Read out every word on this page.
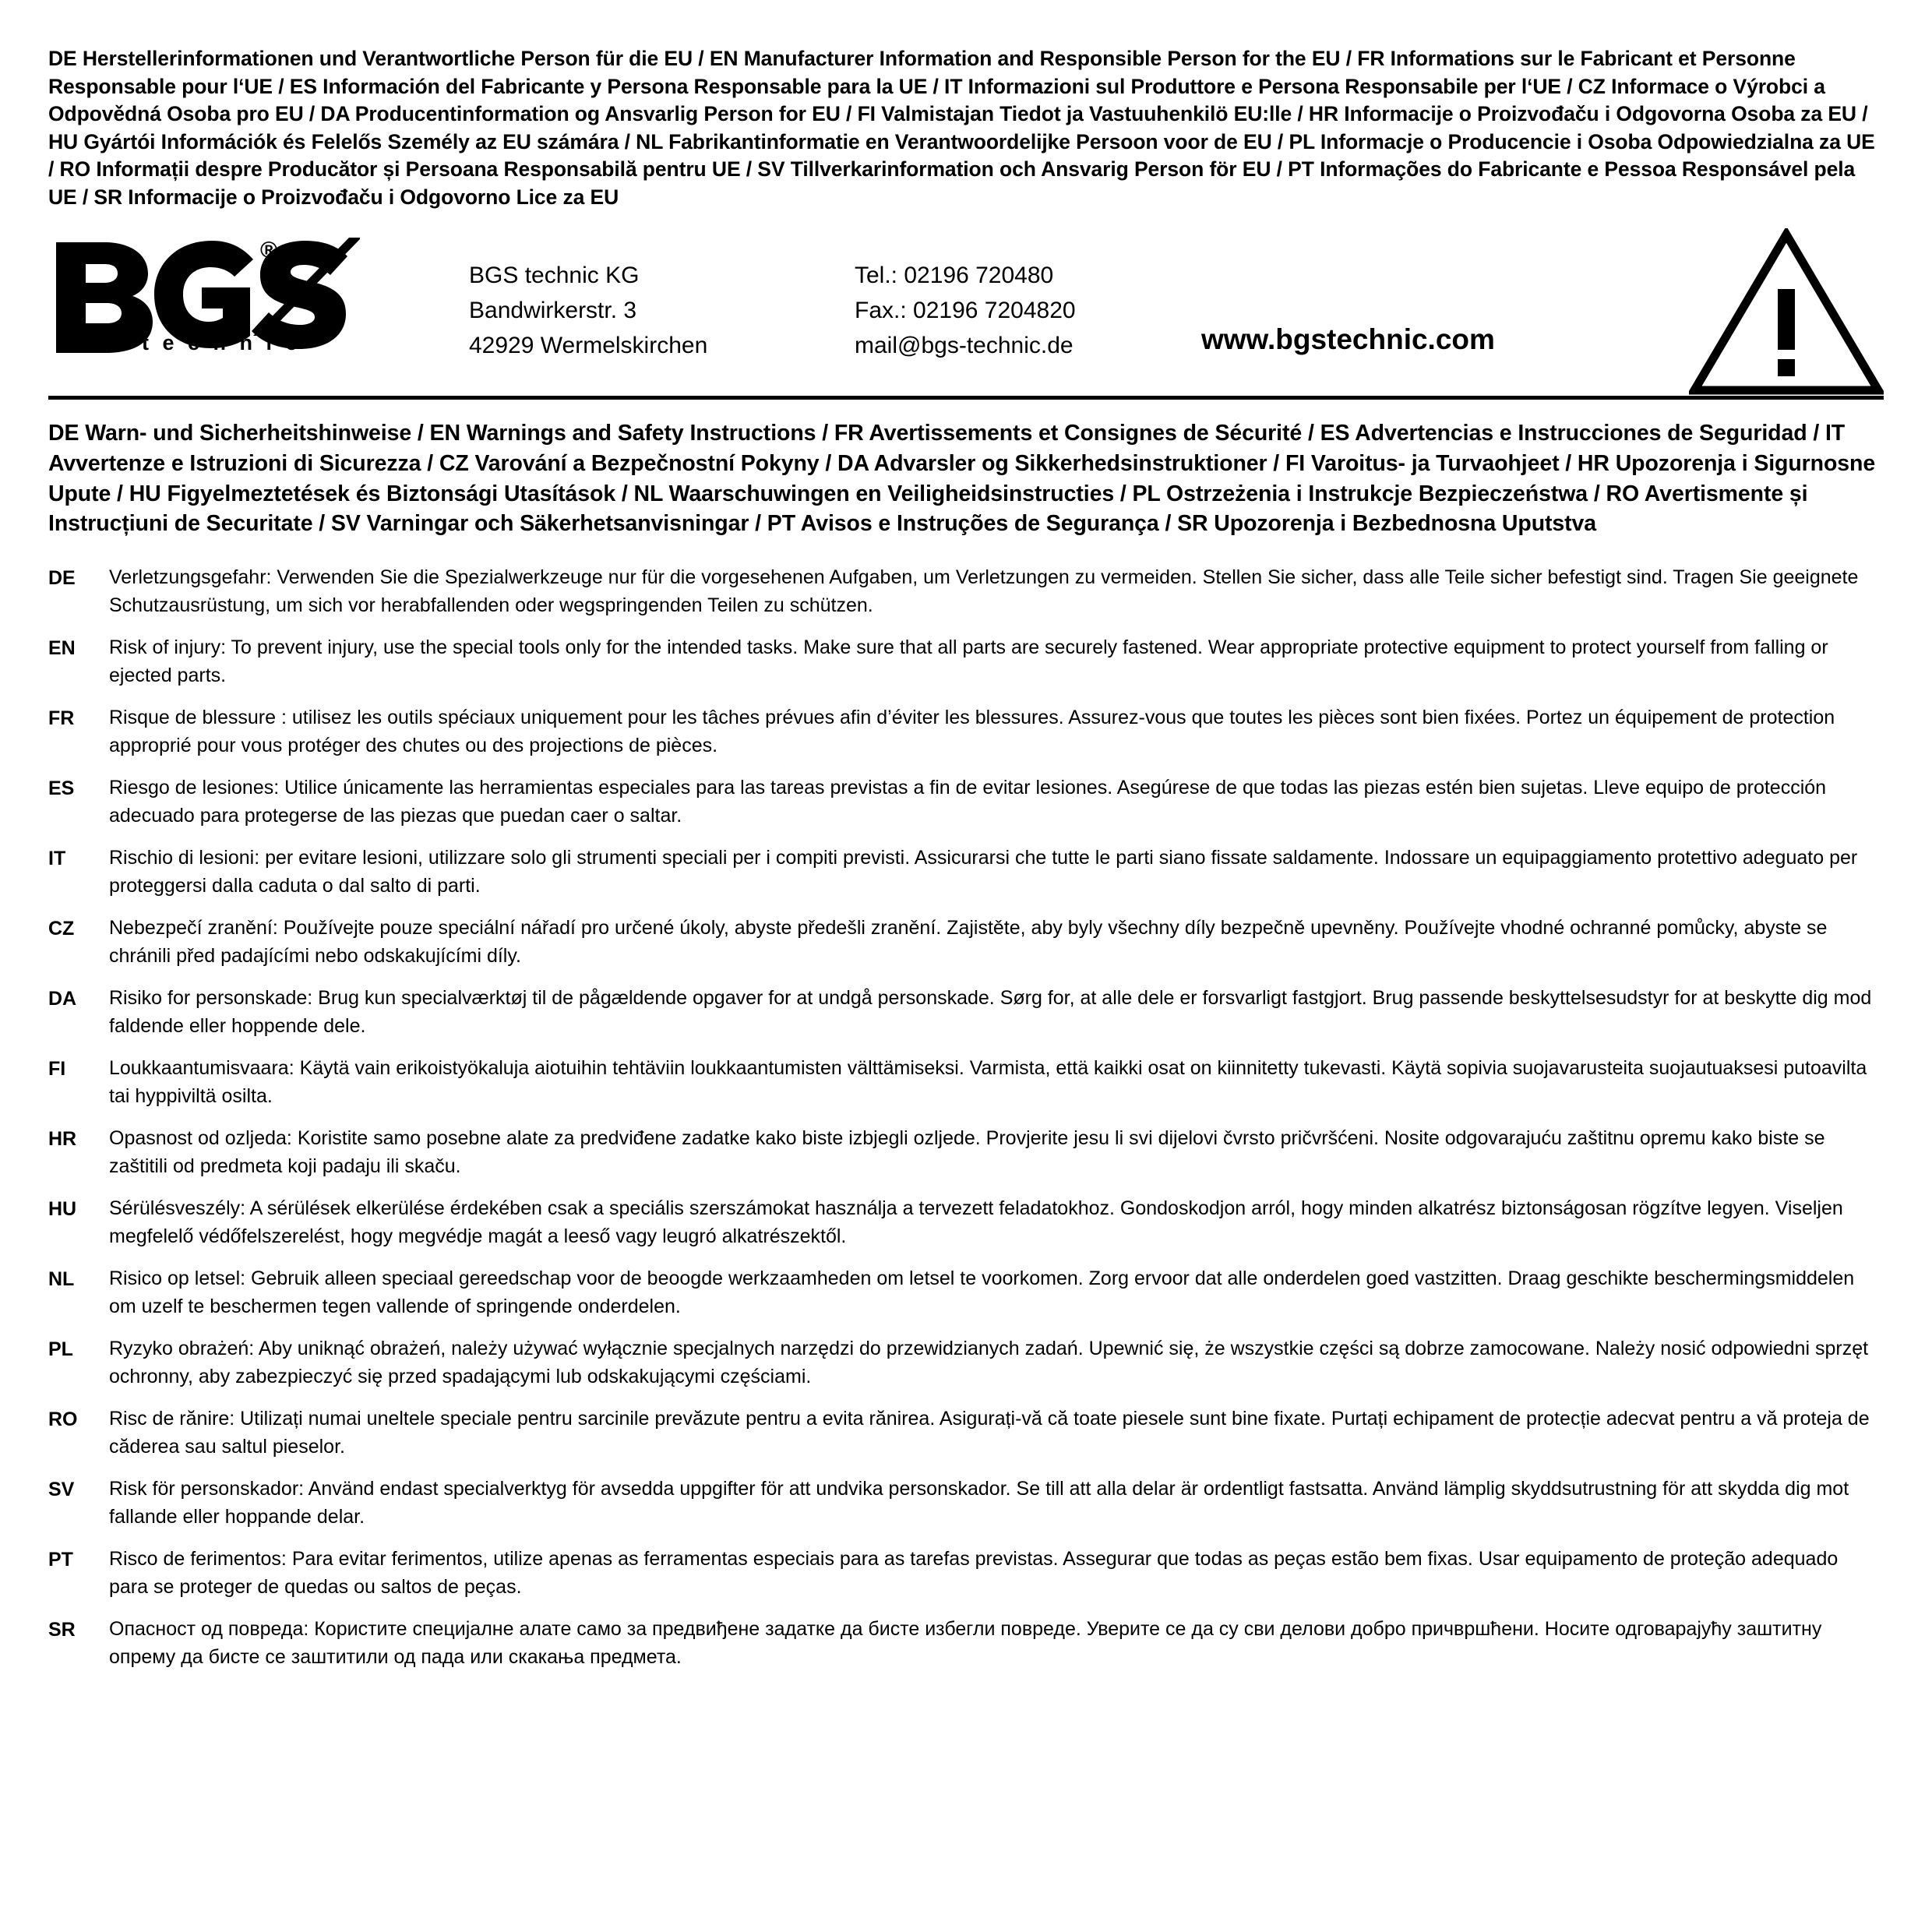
DE Herstellerinformationen und Verantwortliche Person für die EU / EN Manufacturer Information and Responsible Person for the EU / FR Informations sur le Fabricant et Personne Responsable pour l‘UE / ES Información del Fabricante y Persona Responsable para la UE / IT Informazioni sul Produttore e Persona Responsabile per l‘UE / CZ Informace o Výrobci a Odpovědná Osoba pro EU / DA Producentinformation og Ansvarlig Person for EU / FI Valmistajan Tiedot ja Vastuuhenkilö EU:lle / HR Informacije o Proizvođaču i Odgovorna Osoba za EU / HU Gyártói Információk és Felelős Személy az EU számára / NL Fabrikantinformatie en Verantwoordelijke Persoon voor de EU / PL Informacje o Producencie i Osoba Odpowiedzialna za UE / RO Informații despre Producător și Persoana Responsabilă pentru UE / SV Tillverkarinformation och Ansvarig Person för EU / PT Informações do Fabricante e Pessoa Responsável pela UE / SR Informacije o Proizvođaču i Odgovorno Lice za EU
®
t e c h n i c
BGS technic KG
Bandwirkerstr. 3
42929 Wermelskirchen
Tel.: 02196 720480
Fax.: 02196 7204820
mail@bgs-technic.de	www.bgstechnic.com
DE Warn- und Sicherheitshinweise / EN Warnings and Safety Instructions / FR Avertissements et Consignes de Sécurité / ES Advertencias e Instrucciones de Seguridad / IT Avvertenze e Istruzioni di Sicurezza / CZ Varování a Bezpečnostní Pokyny / DA Advarsler og Sikkerhedsinstruktioner / FI Varoitus- ja Turvaohjeet / HR Upozorenja i Sigurnosne Upute / HU Figyelmeztetések és Biztonsági Utasítások / NL Waarschuwingen en Veiligheidsinstructies / PL Ostrzeżenia i Instrukcje Bezpieczeństwa / RO Avertismente și Instrucțiuni de Securitate / SV Varningar och Säkerhetsanvisningar / PT Avisos e Instruções de Segurança / SR Upozorenja i Bezbednosna Uputstva
DE	Verletzungsgefahr: Verwenden Sie die Spezialwerkzeuge nur für die vorgesehenen Aufgaben, um Verletzungen zu vermeiden. Stellen Sie sicher, dass alle Teile sicher befestigt sind. Tragen Sie geeignete Schutzausrüstung, um sich vor herabfallenden oder wegspringenden Teilen zu schützen.
EN	Risk of injury: To prevent injury, use the special tools only for the intended tasks. Make sure that all parts are securely fastened. Wear appropriate protective equipment to protect yourself from falling or ejected parts.
FR	Risque de blessure : utilisez les outils spéciaux uniquement pour les tâches prévues afin d’éviter les blessures. Assurez-vous que toutes les pièces sont bien fixées. Portez un équipement de protection approprié pour vous protéger des chutes ou des projections de pièces.
ES	Riesgo de lesiones: Utilice únicamente las herramientas especiales para las tareas previstas a fin de evitar lesiones. Asegúrese de que todas las piezas estén bien sujetas. Lleve equipo de protección adecuado para protegerse de las piezas que puedan caer o saltar.
IT	Rischio di lesioni: per evitare lesioni, utilizzare solo gli strumenti speciali per i compiti previsti. Assicurarsi che tutte le parti siano fissate saldamente. Indossare un equipaggiamento protettivo adeguato per proteggersi dalla caduta o dal salto di parti.
CZ	Nebezpečí zranění: Používejte pouze speciální nářadí pro určené úkoly, abyste předešli zranění. Zajistěte, aby byly všechny díly bezpečně upevněny. Používejte vhodné ochranné pomůcky, abyste se chránili před padajícími nebo odskakujícími díly.
DA	Risiko for personskade: Brug kun specialværktøj til de pågældende opgaver for at undgå personskade. Sørg for, at alle dele er forsvarligt fastgjort. Brug passende beskyttelsesudstyr for at beskytte dig mod faldende eller hoppende dele.
FI	Loukkaantumisvaara: Käytä vain erikoistyökaluja aiotuihin tehtäviin loukkaantumisten välttämiseksi. Varmista, että kaikki osat on kiinnitetty tukevasti. Käytä sopivia suojavarusteita suojautuaksesi putoavilta tai hyppiviltä osilta.
HR	Opasnost od ozljeda: Koristite samo posebne alate za predviđene zadatke kako biste izbjegli ozljede. Provjerite jesu li svi dijelovi čvrsto pričvršćeni. Nosite odgovarajuću zaštitnu opremu kako biste se zaštitili od predmeta koji padaju ili skaču.
HU	Sérülésveszély: A sérülések elkerülése érdekében csak a speciális szerszámokat használja a tervezett feladatokhoz. Gondoskodjon arról, hogy minden alkatrész biztonságosan rögzítve legyen. Viseljen megfelelő védőfelszerelést, hogy megvédje magát a leeső vagy leugró alkatrészektől.
NL	Risico op letsel: Gebruik alleen speciaal gereedschap voor de beoogde werkzaamheden om letsel te voorkomen. Zorg ervoor dat alle onderdelen goed vastzitten. Draag geschikte beschermingsmiddelen om uzelf te beschermen tegen vallende of springende onderdelen.
PL	Ryzyko obrażeń: Aby uniknąć obrażeń, należy używać wyłącznie specjalnych narzędzi do przewidzianych zadań. Upewnić się, że wszystkie części są dobrze zamocowane. Należy nosić odpowiedni sprzęt ochronny, aby zabezpieczyć się przed spadającymi lub odskakującymi częściami.
RO	Risc de rănire: Utilizați numai uneltele speciale pentru sarcinile prevăzute pentru a evita rănirea. Asigurați-vă că toate piesele sunt bine fixate. Purtați echipament de protecție adecvat pentru a vă proteja de căderea sau saltul pieselor.
SV	Risk för personskador: Använd endast specialverktyg för avsedda uppgifter för att undvika personskador. Se till att alla delar är ordentligt fastsatta. Använd lämplig skyddsutrustning för att skydda dig mot fallande eller hoppande delar.
PT	Risco de ferimentos: Para evitar ferimentos, utilize apenas as ferramentas especiais para as tarefas previstas. Assegurar que todas as peças estão bem fixas. Usar equipamento de proteção adequado para se proteger de quedas ou saltos de peças.
SR	Опасност од повреда: Користите специјалне алате само за предвиђене задатке да бисте избегли повреде. Уверите се да су сви делови добро причвршћени. Носите одговарајућу заштитну опрему да бисте се заштитили од пада или скакања предмета.
